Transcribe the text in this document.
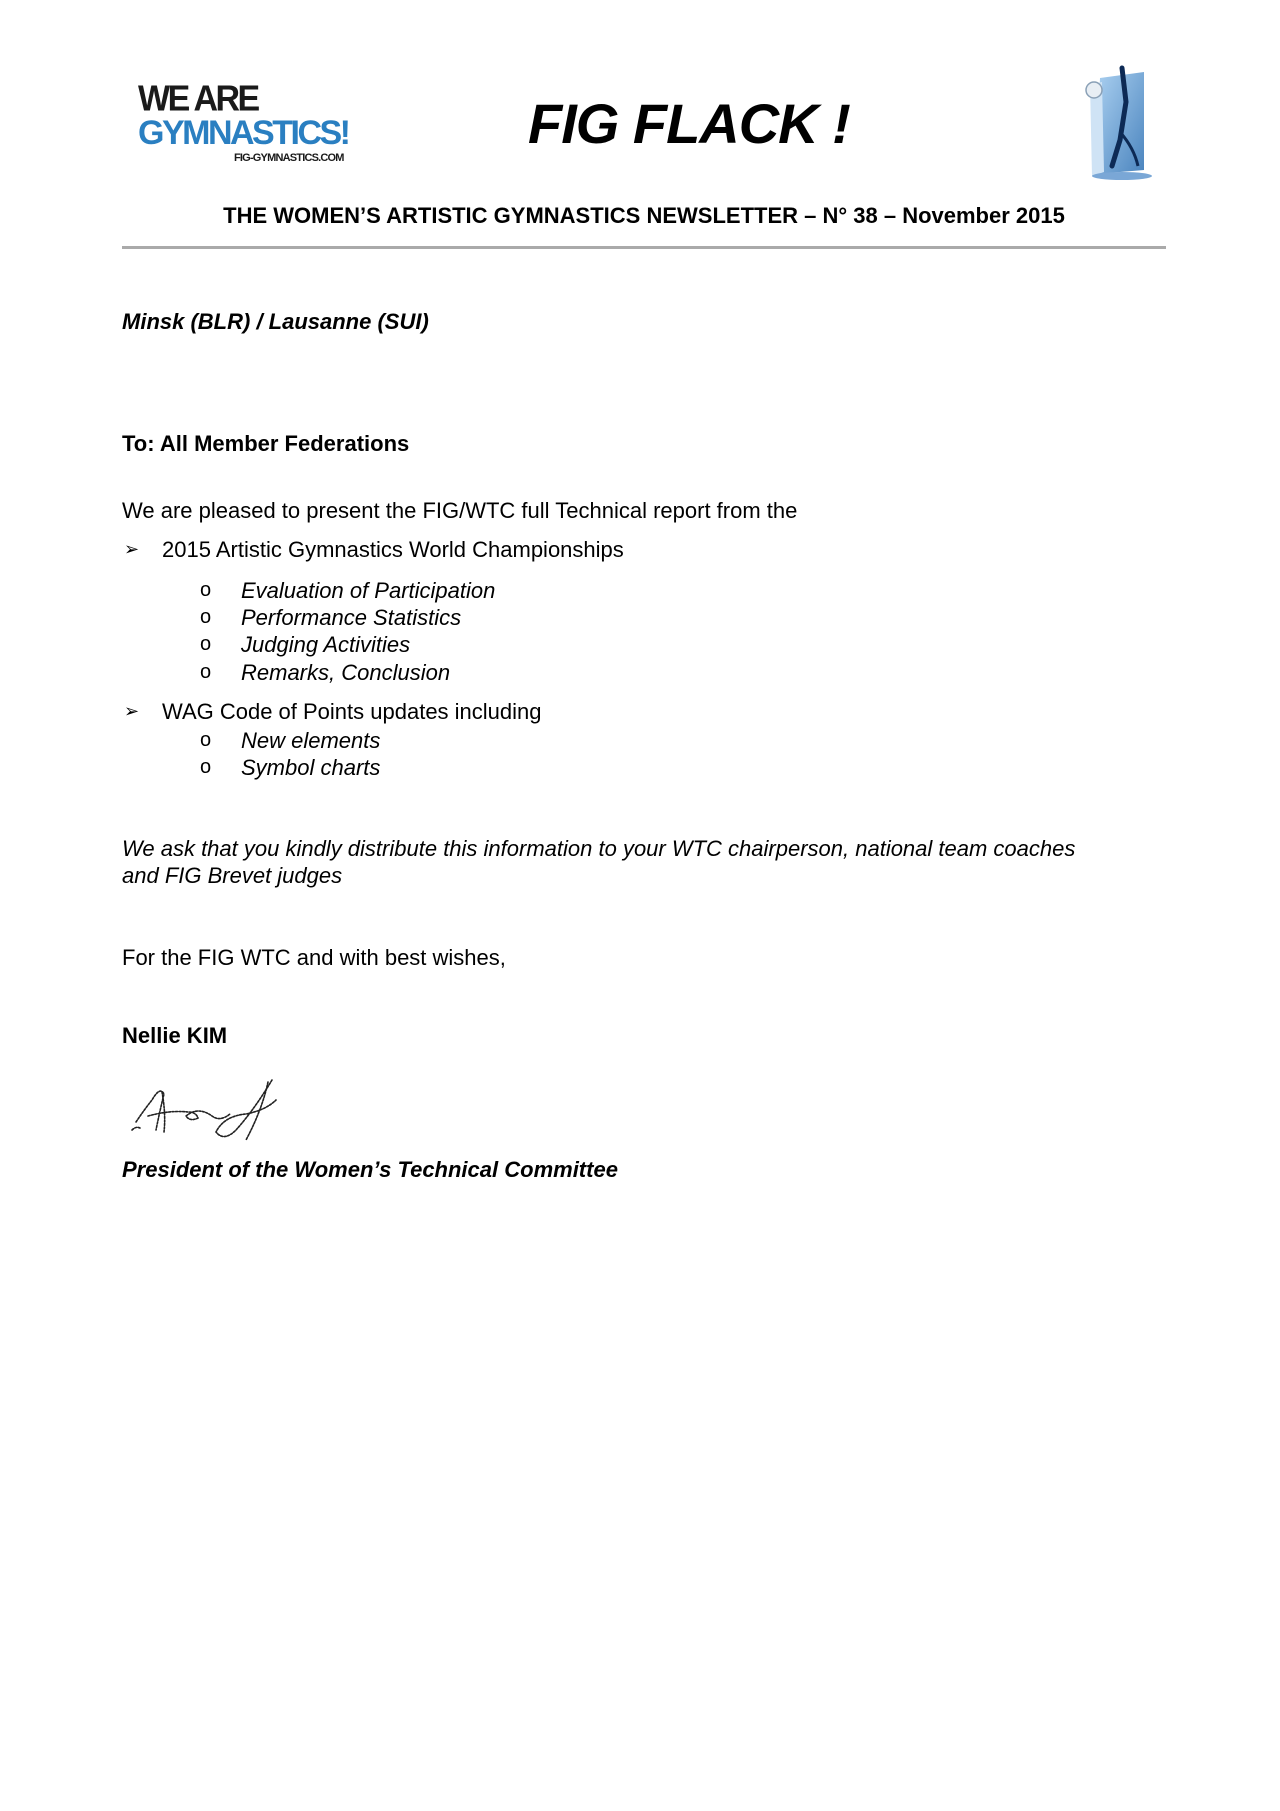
WE ARE
GYMNASTICS!
FIG-GYMNASTICS.COM
FIG FLACK !
THE WOMEN’S ARTISTIC GYMNASTICS NEWSLETTER – N° 38 – November 2015
Minsk (BLR) / Lausanne (SUI)
To: All Member Federations
We are pleased to present the FIG/WTC full Technical report from the
➢ 2015 Artistic Gymnastics World Championships
o Evaluation of Participation
o Performance Statistics
o Judging Activities
o Remarks, Conclusion
➢ WAG Code of Points updates including
o New elements
o Symbol charts
We ask that you kindly distribute this information to your WTC chairperson, national team coaches
and FIG Brevet judges
For the FIG WTC and with best wishes,
Nellie KIM
President of the Women’s Technical Committee
